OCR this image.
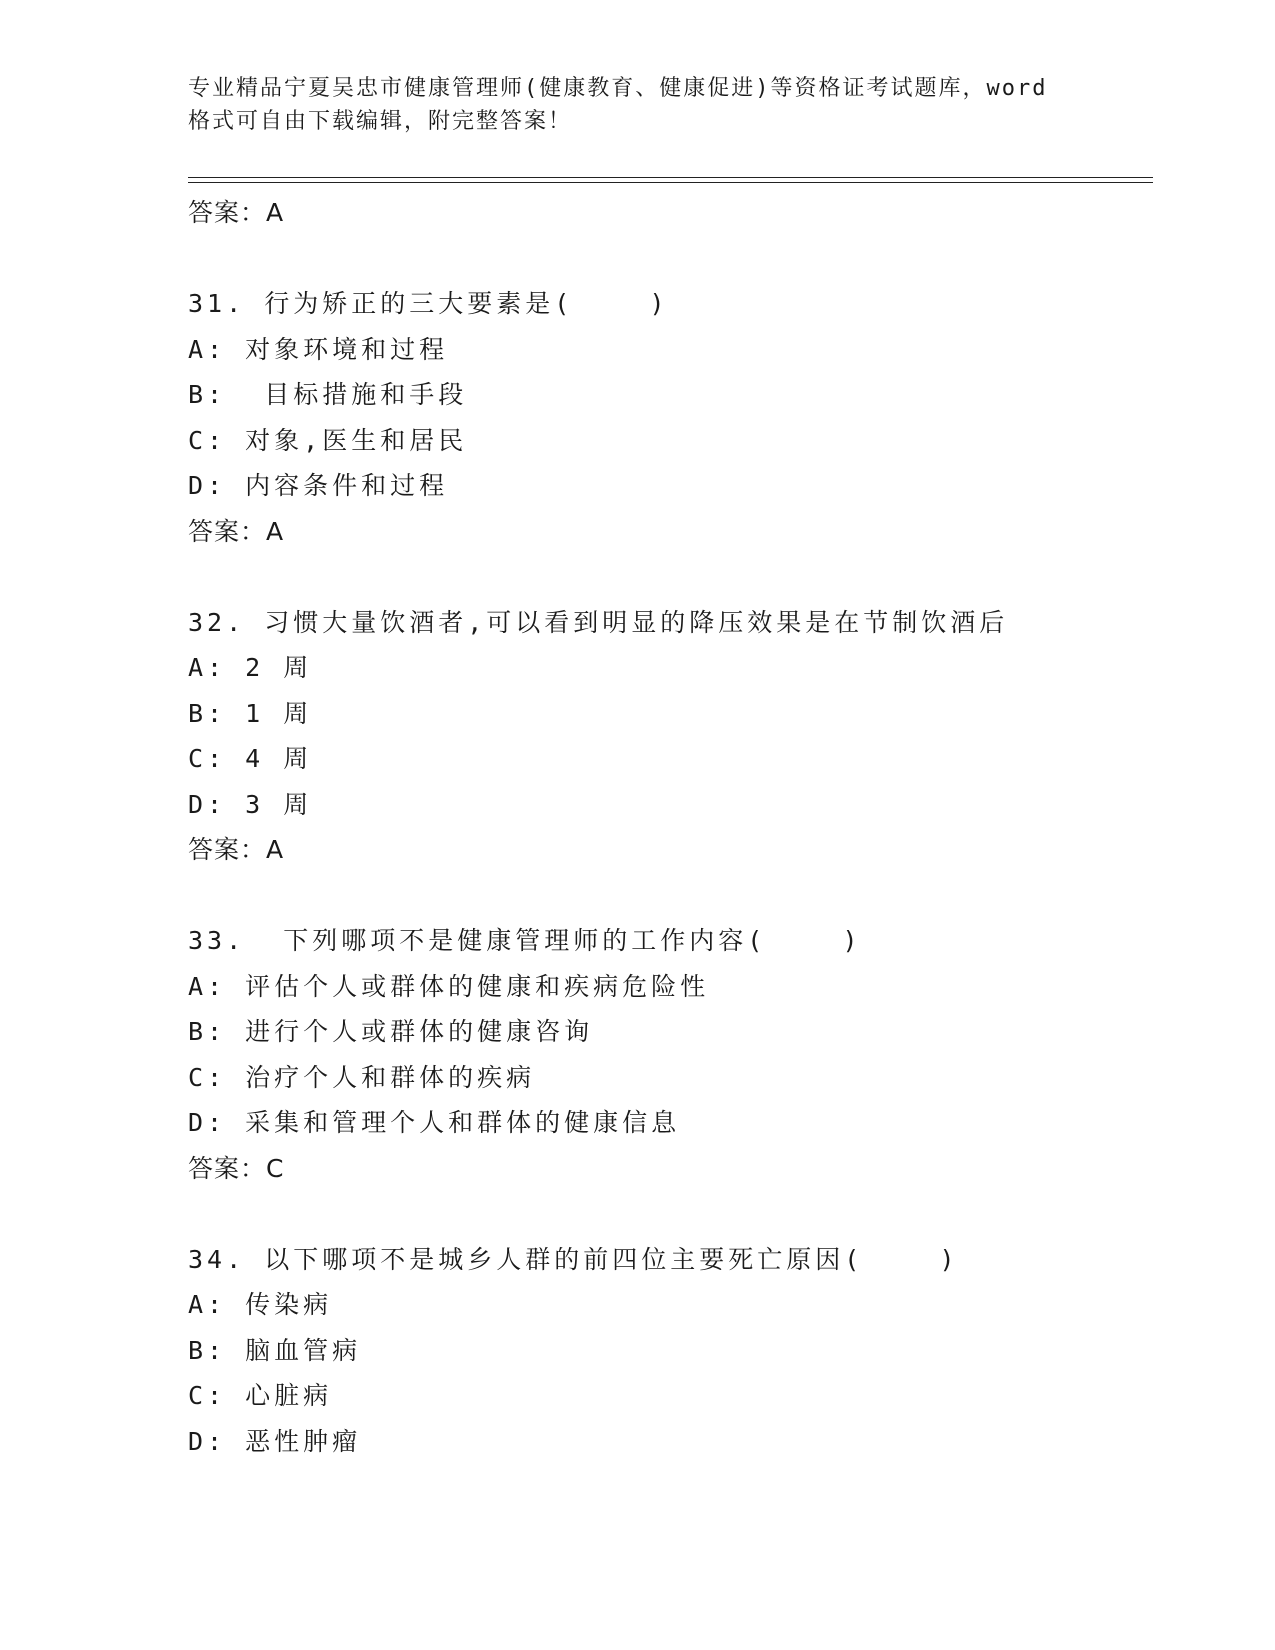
专业精品宁夏吴忠市健康管理师(健康教育、健康促进)等资格证考试题库，word
格式可自由下载编辑，附完整答案！
答案：A
31. 行为矫正的三大要素是(    )
A: 对象环境和过程
B:  目标措施和手段
C: 对象,医生和居民
D: 内容条件和过程
答案：A
32. 习惯大量饮酒者,可以看到明显的降压效果是在节制饮酒后
A: 2 周
B: 1 周
C: 4 周
D: 3 周
答案：A
33.  下列哪项不是健康管理师的工作内容(    )
A: 评估个人或群体的健康和疾病危险性
B: 进行个人或群体的健康咨询
C: 治疗个人和群体的疾病
D: 采集和管理个人和群体的健康信息
答案：C
34. 以下哪项不是城乡人群的前四位主要死亡原因(    )
A: 传染病
B: 脑血管病
C: 心脏病
D: 恶性肿瘤
